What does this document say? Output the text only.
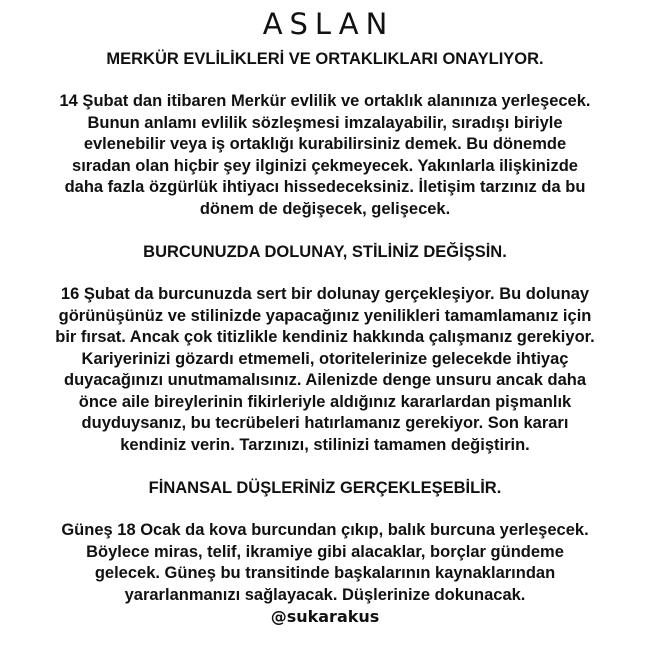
ASLAN
MERKÜR EVLİLİKLERİ VE ORTAKLIKLARI ONAYLIYOR.

14 Şubat dan itibaren Merkür evlilik ve ortaklık alanınıza yerleşecek.
Bunun anlamı evlilik sözleşmesi imzalayabilir, sıradışı biriyle
evlenebilir veya iş ortaklığı kurabilirsiniz demek. Bu dönemde
sıradan olan hiçbir şey ilginizi çekmeyecek. Yakınlarla ilişkinizde
daha fazla özgürlük ihtiyacı hissedeceksiniz. İletişim tarzınız da bu
dönem de değişecek, gelişecek.

BURCUNUZDA DOLUNAY, STİLİNİZ DEĞİŞSİN.

16 Şubat da burcunuzda sert bir dolunay gerçekleşiyor. Bu dolunay
görünüşünüz ve stilinizde yapacağınız yenilikleri tamamlamanız için
bir fırsat. Ancak çok titizlikle kendiniz hakkında çalışmanız gerekiyor.
Kariyerinizi gözardı etmemeli, otoritelerinize gelecekde ihtiyaç
duyacağınızı unutmamalısınız. Ailenizde denge unsuru ancak daha
önce aile bireylerinin fikirleriyle aldığınız kararlardan pişmanlık
duyduysanız, bu tecrübeleri hatırlamanız gerekiyor. Son kararı
kendiniz verin. Tarzınızı, stilinizi tamamen değiştirin.

FİNANSAL DÜŞLERİNİZ GERÇEKLEŞEBİLİR.

Güneş 18 Ocak da kova burcundan çıkıp, balık burcuna yerleşecek.
Böylece miras, telif, ikramiye gibi alacaklar, borçlar gündeme
gelecek. Güneş bu transitinde başkalarının kaynaklarından
yararlanmanızı sağlayacak. Düşlerinize dokunacak.

@sukarakus
